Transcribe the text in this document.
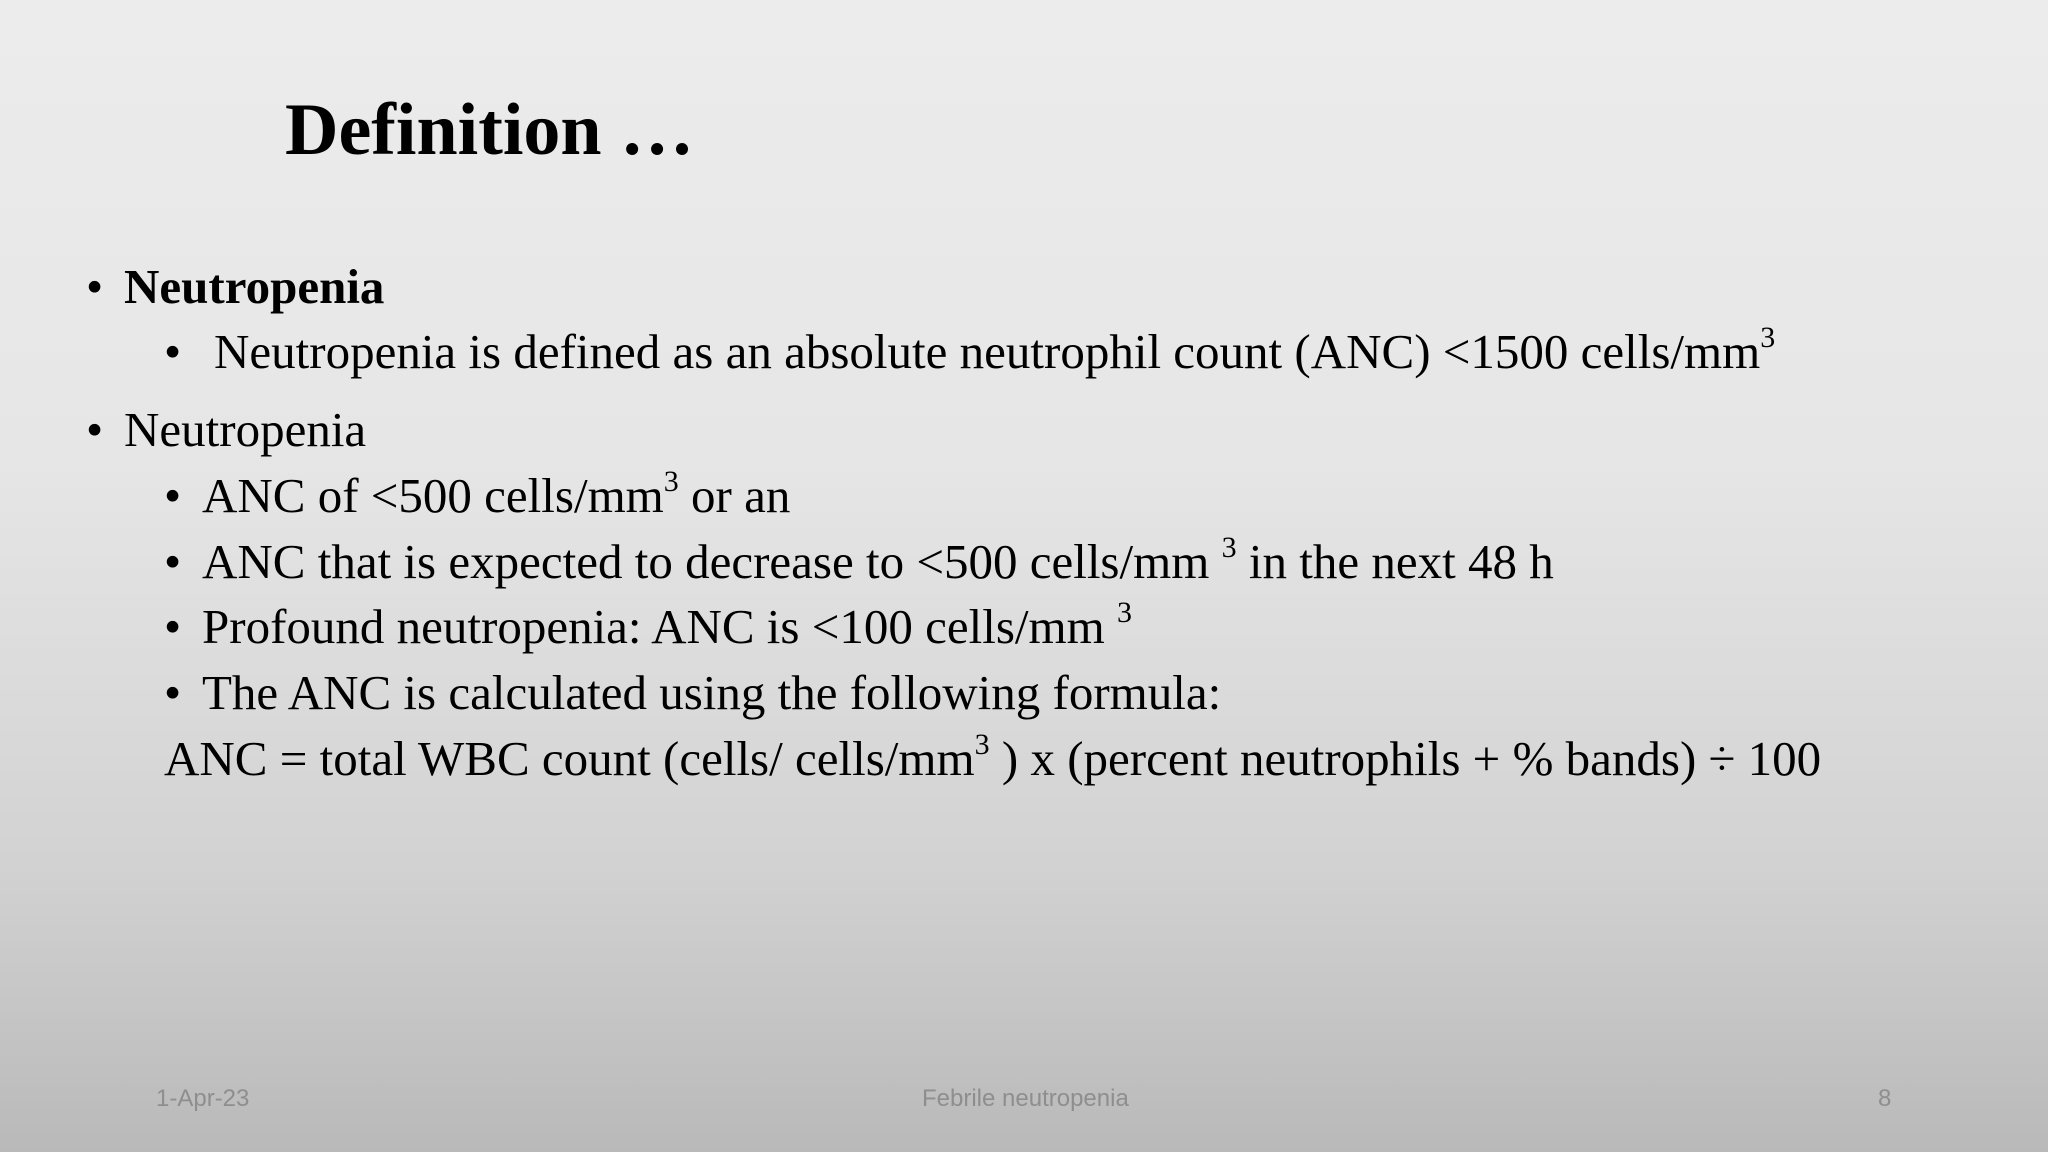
Definition …
• Neutropenia
• Neutropenia is defined as an absolute neutrophil count (ANC) <1500 cells/$mm^3$
• Neutropenia
• ANC of <500 cells/$mm^3$ or an
• ANC that is expected to decrease to <500 cells/mm $^3$ in the next 48 h
• Profound neutropenia: ANC is <100 cells/mm $^3$
• The ANC is calculated using the following formula:
ANC = total WBC count (cells/ cells/$mm^3$ ) x (percent neutrophils + % bands) ÷ 100
1-Apr-23	Febrile neutropenia	8
